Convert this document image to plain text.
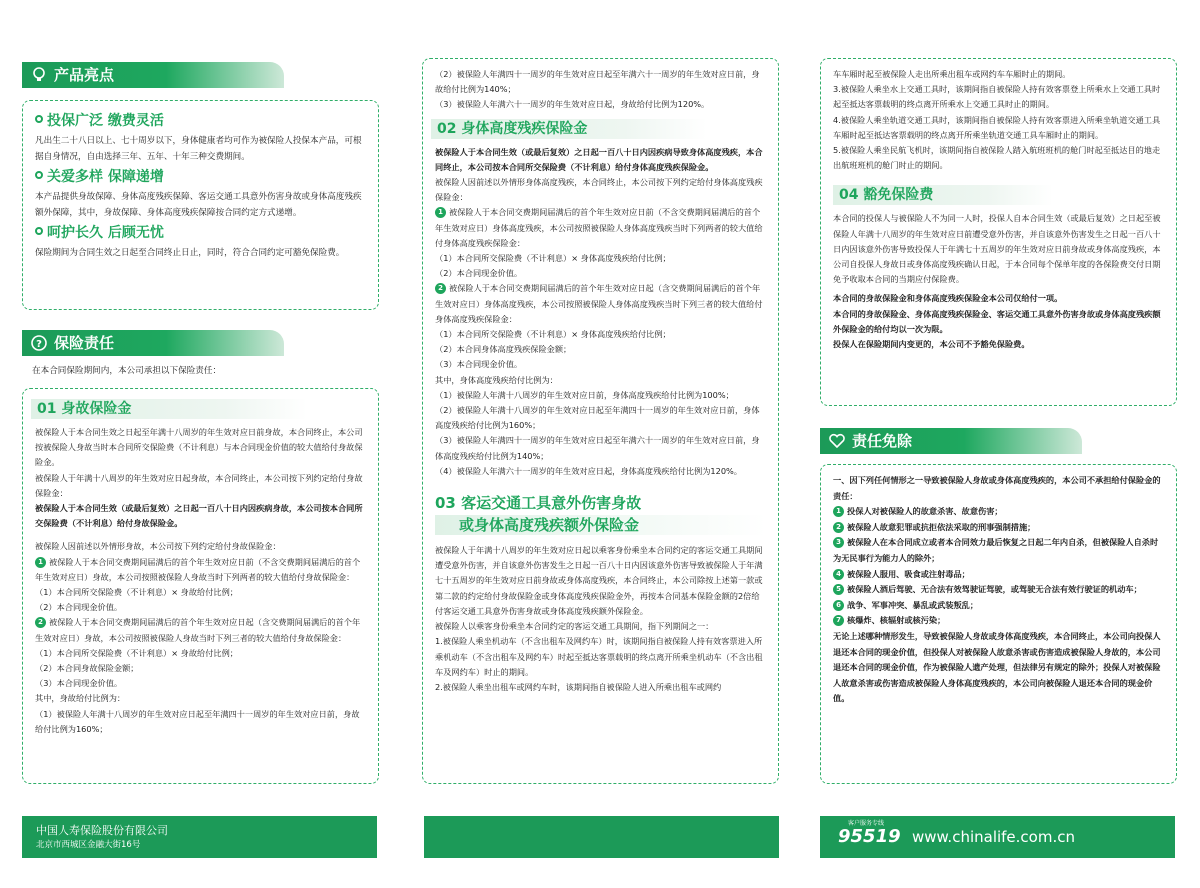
产品亮点
投保广泛 缴费灵活

凡出生二十八日以上、七十周岁以下，身体健康者均可作为被保险人投保本产品，可根据自身情况，自由选择三年、五年、十年三种交费期间。

关爱多样 保障递增

本产品提供身故保障、身体高度残疾保障、客运交通工具意外伤害身故或身体高度残疾额外保障，其中，身故保障、身体高度残疾保障按合同约定方式递增。

呵护长久 后顾无忧

保险期间为合同生效之日起至合同终止日止，同时，符合合同约定可豁免保险费。

? 保险责任

在本合同保险期间内，本公司承担以下保险责任：

01 身故保险金

被保险人于本合同生效之日起至年满十八周岁的年生效对应日前身故，本合同终止，本公司按被保险人身故当时本合同所交保险费（不计利息）与本合同现金价值的较大值给付身故保险金。

被保险人于年满十八周岁的年生效对应日起身故，本合同终止，本公司按下列约定给付身故保险金：

被保险人于本合同生效（或最后复效）之日起一百八十日内因疾病身故，本公司按本合同所交保险费（不计利息）给付身故保险金。

被保险人因前述以外情形身故，本公司按下列约定给付身故保险金：

1 被保险人于本合同交费期间届满后的首个年生效对应日前（不含交费期间届满后的首个年生效对应日）身故，本公司按照被保险人身故当时下列两者的较大值给付身故保险金：

（1）本合同所交保险费（不计利息）× 身故给付比例；

（2）本合同现金价值。

2 被保险人于本合同交费期间届满后的首个年生效对应日起（含交费期间届满后的首个年生效对应日）身故，本公司按照被保险人身故当时下列三者的较大值给付身故保险金：

（1）本合同所交保险费（不计利息）× 身故给付比例；

（2）本合同身故保险金额；

（3）本合同现金价值。

其中，身故给付比例为：

（1）被保险人年满十八周岁的年生效对应日起至年满四十一周岁的年生效对应日前，身故给付比例为160%；

（2）被保险人年满四十一周岁的年生效对应日起至年满六十一周岁的年生效对应日前，身故给付比例为140%；

（3）被保险人年满六十一周岁的年生效对应日起，身故给付比例为120%。

02 身体高度残疾保险金

被保险人于本合同生效（或最后复效）之日起一百八十日内因疾病导致身体高度残疾，本合同终止，本公司按本合同所交保险费（不计利息）给付身体高度残疾保险金。

被保险人因前述以外情形身体高度残疾，本合同终止，本公司按下列约定给付身体高度残疾保险金：

1 被保险人于本合同交费期间届满后的首个年生效对应日前（不含交费期间届满后的首个年生效对应日）身体高度残疾，本公司按照被保险人身体高度残疾当时下列两者的较大值给付身体高度残疾保险金：

（1）本合同所交保险费（不计利息）× 身体高度残疾给付比例；

（2）本合同现金价值。

2 被保险人于本合同交费期间届满后的首个年生效对应日起（含交费期间届满后的首个年生效对应日）身体高度残疾，本公司按照被保险人身体高度残疾当时下列三者的较大值给付身体高度残疾保险金：

（1）本合同所交保险费（不计利息）× 身体高度残疾给付比例；

（2）本合同身体高度残疾保险金额；

（3）本合同现金价值。

其中，身体高度残疾给付比例为：

（1）被保险人年满十八周岁的年生效对应日前，身体高度残疾给付比例为100%；

（2）被保险人年满十八周岁的年生效对应日起至年满四十一周岁的年生效对应日前，身体高度残疾给付比例为160%；

（3）被保险人年满四十一周岁的年生效对应日起至年满六十一周岁的年生效对应日前，身体高度残疾给付比例为140%；

（4）被保险人年满六十一周岁的年生效对应日起，身体高度残疾给付比例为120%。

03 客运交通工具意外伤害身故
或身体高度残疾额外保险金

被保险人于年满十八周岁的年生效对应日起以乘客身份乘坐本合同约定的客运交通工具期间遭受意外伤害，并自该意外伤害发生之日起一百八十日内因该意外伤害导致被保险人于年满七十五周岁的年生效对应日前身故或身体高度残疾，本合同终止，本公司除按上述第一款或第二款的约定给付身故保险金或身体高度残疾保险金外，再按本合同基本保险金额的2倍给付客运交通工具意外伤害身故或身体高度残疾额外保险金。

被保险人以乘客身份乘坐本合同约定的客运交通工具期间，指下列期间之一：

1.被保险人乘坐机动车（不含出租车及网约车）时，该期间指自被保险人持有效客票进入所乘机动车（不含出租车及网约车）时起至抵达客票载明的终点离开所乘坐机动车（不含出租车及网约车）时止的期间。

2.被保险人乘坐出租车或网约车时，该期间指自被保险人进入所乘出租车或网约

车车厢时起至被保险人走出所乘出租车或网约车车厢时止的期间。

3.被保险人乘坐水上交通工具时，该期间指自被保险人持有效客票登上所乘水上交通工具时起至抵达客票载明的终点离开所乘水上交通工具时止的期间。

4.被保险人乘坐轨道交通工具时，该期间指自被保险人持有效客票进入所乘坐轨道交通工具车厢时起至抵达客票载明的终点离开所乘坐轨道交通工具车厢时止的期间。

5.被保险人乘坐民航飞机时，该期间指自被保险人踏入航班班机的舱门时起至抵达目的地走出航班班机的舱门时止的期间。

04 豁免保险费

本合同的投保人与被保险人不为同一人时，投保人自本合同生效（或最后复效）之日起至被保险人年满十八周岁的年生效对应日前遭受意外伤害，并自该意外伤害发生之日起一百八十日内因该意外伤害导致投保人于年满七十五周岁的年生效对应日前身故或身体高度残疾，本公司自投保人身故日或身体高度残疾确认日起，于本合同每个保单年度的各保险费交付日期免予收取本合同的当期应付保险费。

本合同的身故保险金和身体高度残疾保险金本公司仅给付一项。

本合同的身故保险金、身体高度残疾保险金、客运交通工具意外伤害身故或身体高度残疾额外保险金的给付均以一次为限。

投保人在保险期间内变更的，本公司不予豁免保险费。

责任免除

一、因下列任何情形之一导致被保险人身故或身体高度残疾的，本公司不承担给付保险金的责任：

1 投保人对被保险人的故意杀害、故意伤害；

2 被保险人故意犯罪或抗拒依法采取的刑事强制措施；

3 被保险人在本合同成立或者本合同效力最后恢复之日起二年内自杀，但被保险人自杀时为无民事行为能力人的除外；

4 被保险人服用、吸食或注射毒品；

5 被保险人酒后驾驶、无合法有效驾驶证驾驶，或驾驶无合法有效行驶证的机动车；

6 战争、军事冲突、暴乱或武装叛乱；

7 核爆炸、核辐射或核污染；

无论上述哪种情形发生，导致被保险人身故或身体高度残疾，本合同终止，本公司向投保人退还本合同的现金价值，但投保人对被保险人故意杀害或伤害造成被保险人身故的，本公司退还本合同的现金价值，作为被保险人遗产处理，但法律另有规定的除外；投保人对被保险人故意杀害或伤害造成被保险人身体高度残疾的，本公司向被保险人退还本合同的现金价值。

中国人寿保险股份有限公司
北京市西城区金融大街16号
客户服务专线
95519 www.chinalife.com.cn
